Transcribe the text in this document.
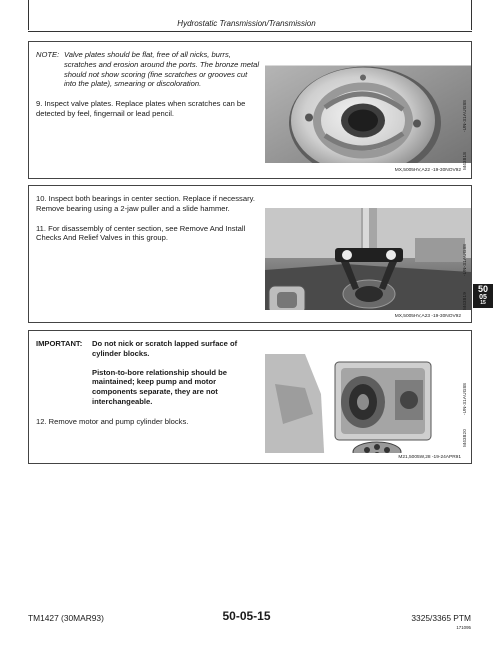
Hydrostatic Transmission/Transmission
NOTE: Valve plates should be flat, free of all nicks, burrs, scratches and erosion around the ports. The bronze metal should not show scoring (fine scratches or grooves cut into the plate), smearing or discoloration.
9. Inspect valve plates. Replace plates when scratches can be detected by feel, fingernail or lead pencil.	-UN-31AUG88
M43818
MX,5005HV,A22 -19-30NOV92
10. Inspect both bearings in center section. Replace if necessary. Remove bearing using a 2-jaw puller and a slide hammer.
11. For disassembly of center section, see Remove And Install Checks And Relief Valves in this group.
-UN-31AUG88
M43819
MX,5005HV,A23 -19-30NOV92
IMPORTANT:	Do not nick or scratch lapped surface of cylinder blocks.
Piston-to-bore relationship should be maintained; keep pump and motor components separate, they are not interchangeable.
12. Remove motor and pump cylinder blocks.
-UN-31AUG88
M43820
M21,5005W,28 -19-24APR91
50
05
15
TM1427 (30MAR93)	50-05-15	3325/3365 PTM
171095
